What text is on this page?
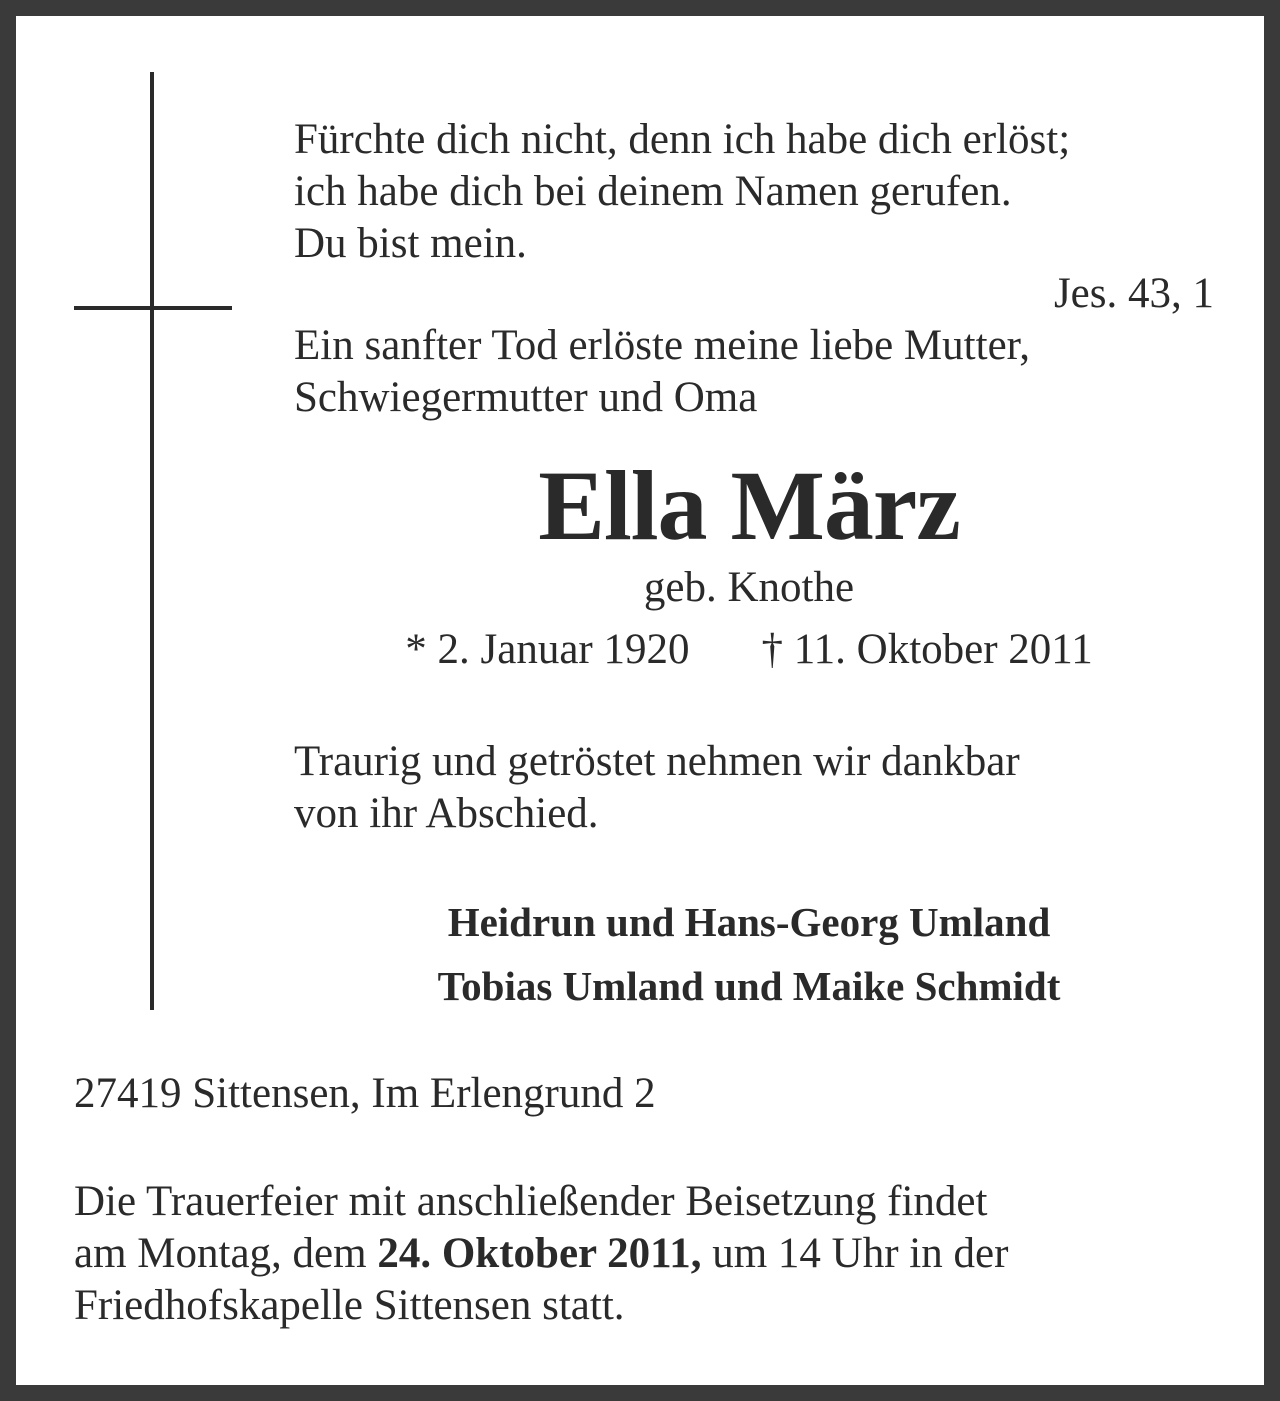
Fürchte dich nicht, denn ich habe dich erlöst;
ich habe dich bei deinem Namen gerufen.
Du bist mein.

Jes. 43, 1

Ein sanfter Tod erlöste meine liebe Mutter,
Schwiegermutter und Oma

Ella März

geb. Knothe

* 2. Januar 1920 † 11. Oktober 2011

Traurig und getröstet nehmen wir dankbar
von ihr Abschied.

Heidrun und Hans-Georg Umland
Tobias Umland und Maike Schmidt

27419 Sittensen, Im Erlengrund 2

Die Trauerfeier mit anschließender Beisetzung findet
am Montag, dem 24. Oktober 2011, um 14 Uhr in der
Friedhofskapelle Sittensen statt.
